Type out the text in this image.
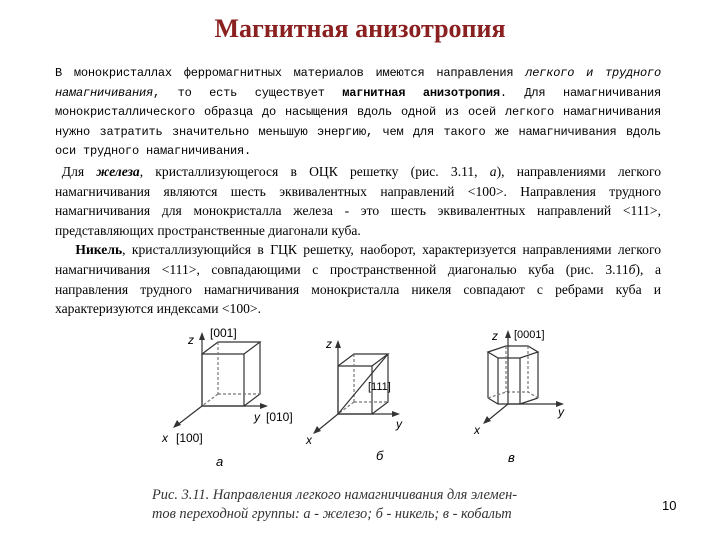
Магнитная анизотропия

В монокристаллах ферромагнитных материалов имеются направления легкого и трудного намагничивания, то есть существует магнитная анизотропия. Для намагничивания монокристаллического образца до насыщения вдоль одной из осей легкого намагничивания нужно затратить значительно меньшую энергию, чем для такого же намагничивания вдоль оси трудного намагничивания.

Для железа, кристаллизующегося в ОЦК решетку (рис. 3.11, а), направлениями легкого намагничивания являются шесть эквивалентных направлений <100>. Направления трудного намагничивания для монокристалла железа - это шесть эквивалентных направлений <111>, представляющих пространственные диагонали куба.

Никель, кристаллизующийся в ГЦК решетку, наоборот, характеризуется направлениями легкого намагничивания <111>, совпадающими с пространственной диагональю куба (рис. 3.11б), а направления трудного намагничивания монокристалла никеля совпадают с ребрами куба и характеризуются индексами <100>.

z [001]
y [010]
x [100]
а
z
[111]
y
x
б
z [0001]
y
x
в
Рис. 3.11. Направления легкого намагничивания для элемен-
тов переходной группы: а - железо; б - никель; в - кобальт
10
